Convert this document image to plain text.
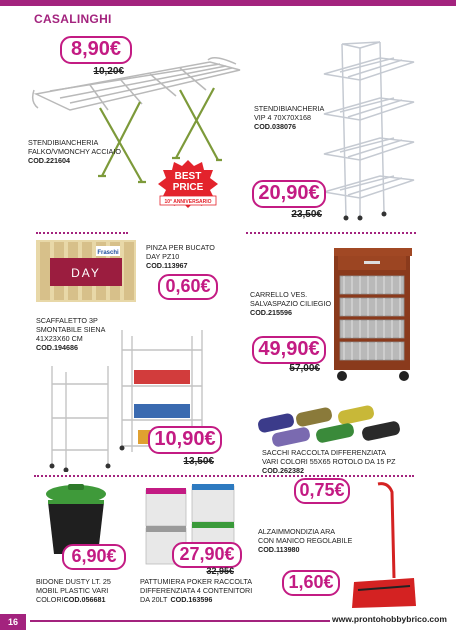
CASALINGHI
8,90€
10,20€
STENDIBIANCHERIA
FALKO/VMONCHY ACCIAIO
COD.221604
BEST
PRICE
10° ANNIVERSARIO
STENDIBIANCHERIA
VIP 4 70X70X168
COD.038076
20,90€
23,50€
Fraschi
DAY
PINZA PER BUCATO
DAY PZ10
COD.113967
0,60€	CARRELLO VES.
SALVASPAZIO CILIEGIO
COD.215596
49,90€
57,00€
SCAFFALETTO 3P
SMONTABILE SIENA
41X23X60 CM
COD.194686
10,90€
13,50€
SACCHI RACCOLTA DIFFERENZIATA
VARI COLORI 55X65 ROTOLO DA 15 PZ
COD.262382
0,75€
6,90€
BIDONE DUSTY LT. 25
MOBIL PLASTIC VARI
COLORICOD.056681
27,90€
32,95€
PATTUMIERA POKER RACCOLTA
DIFFERENZIATA 4 CONTENITORI
DA 20LT COD.163596
ALZAIMMONDIZIA ARA
CON MANICO REGOLABILE
COD.113980
1,60€
16	www.prontohobbybrico.com
